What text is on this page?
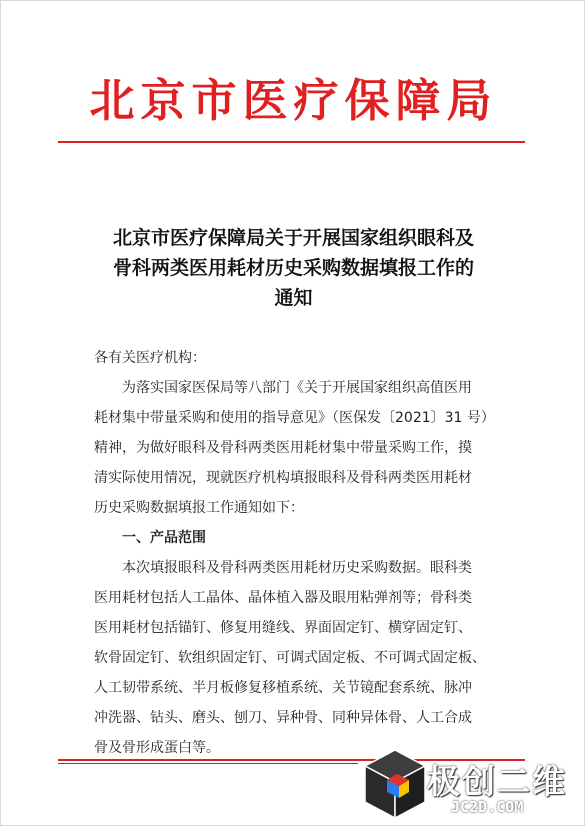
北京市医疗保障局
北京市医疗保障局关于开展国家组织眼科及
骨科两类医用耗材历史采购数据填报工作的
通知

各有关医疗机构：

为落实国家医保局等八部门《关于开展国家组织高值医用

耗材集中带量采购和使用的指导意见》（医保发〔2021〕31 号）

精神，为做好眼科及骨科两类医用耗材集中带量采购工作，摸

清实际使用情况，现就医疗机构填报眼科及骨科两类医用耗材

历史采购数据填报工作通知如下：

一、产品范围

本次填报眼科及骨科两类医用耗材历史采购数据。眼科类

医用耗材包括人工晶体、晶体植入器及眼用粘弹剂等；骨科类

医用耗材包括锚钉、修复用缝线、界面固定钉、横穿固定钉、

软骨固定钉、软组织固定钉、可调式固定板、不可调式固定板、

人工韧带系统、半月板修复移植系统、关节镜配套系统、脉冲

冲洗器、钻头、磨头、刨刀、异种骨、同种异体骨、人工合成

骨及骨形成蛋白等。

极创二维
JC2D.COM
